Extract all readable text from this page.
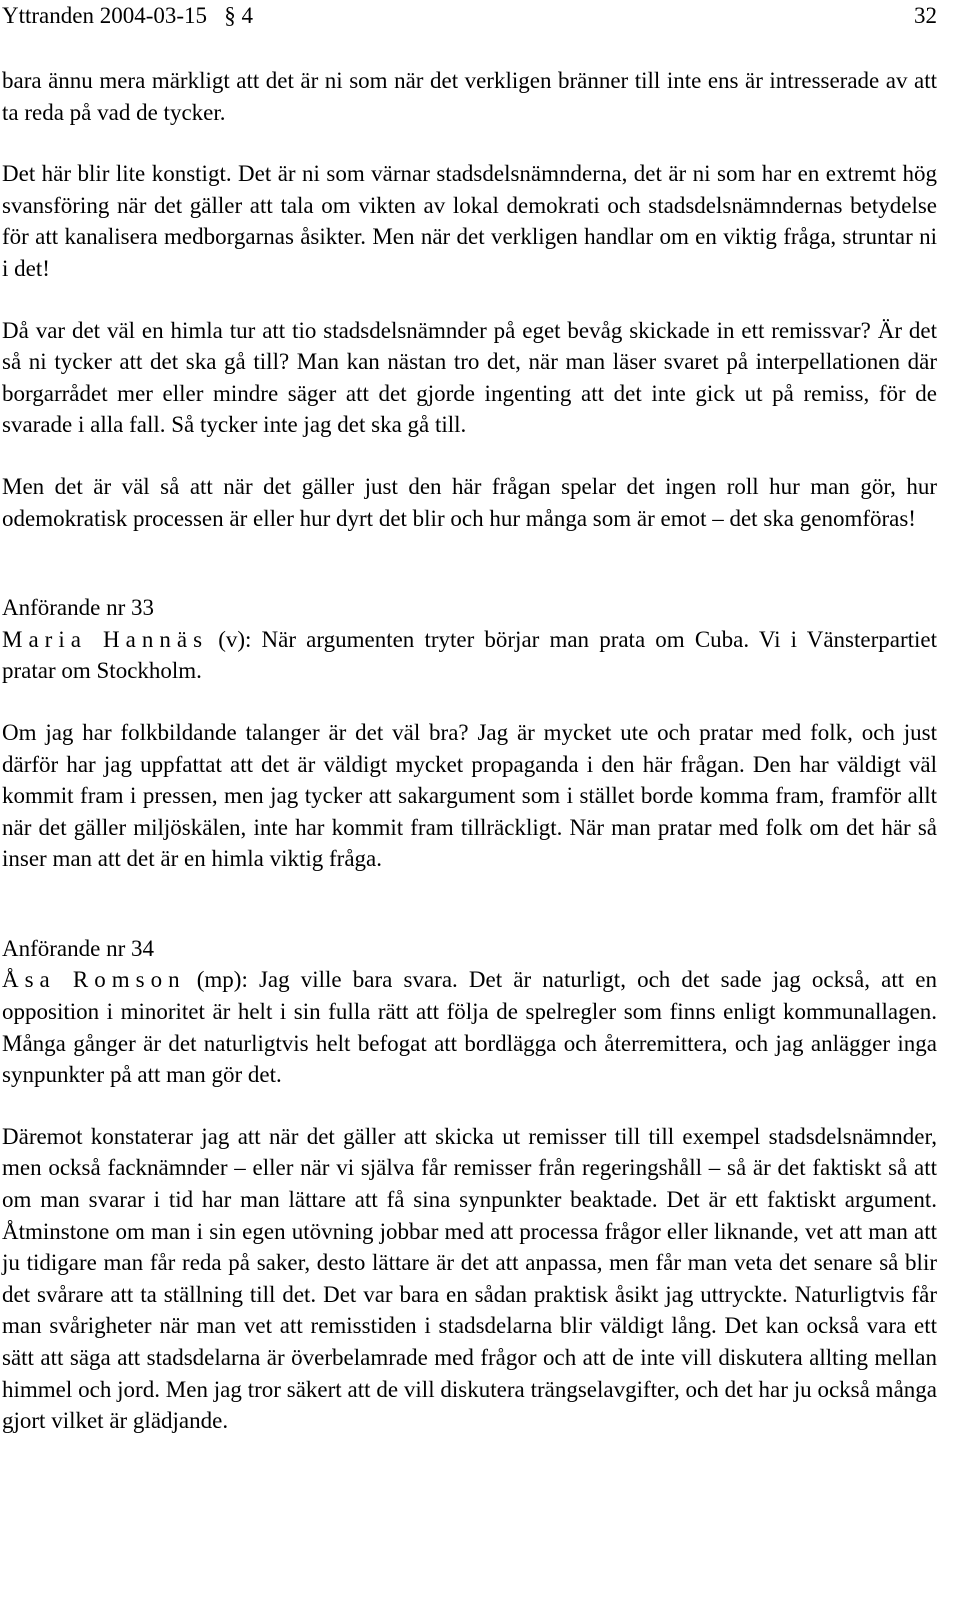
Yttranden 2004-03-15 § 4	32

bara ännu mera märkligt att det är ni som när det verkligen bränner till inte ens är intresserade av att ta reda på vad de tycker.

Det här blir lite konstigt. Det är ni som värnar stadsdelsnämnderna, det är ni som har en extremt hög svansföring när det gäller att tala om vikten av lokal demokrati och stadsdelsnämndernas betydelse för att kanalisera medborgarnas åsikter. Men när det verkligen handlar om en viktig fråga, struntar ni i det!

Då var det väl en himla tur att tio stadsdelsnämnder på eget bevåg skickade in ett remissvar? Är det så ni tycker att det ska gå till? Man kan nästan tro det, när man läser svaret på interpellationen där borgarrådet mer eller mindre säger att det gjorde ingenting att det inte gick ut på remiss, för de svarade i alla fall. Så tycker inte jag det ska gå till.

Men det är väl så att när det gäller just den här frågan spelar det ingen roll hur man gör, hur odemokratisk processen är eller hur dyrt det blir och hur många som är emot – det ska genomföras!

Anförande nr 33

Maria Hannäs (v): När argumenten tryter börjar man prata om Cuba. Vi i Vänsterpartiet pratar om Stockholm.

Om jag har folkbildande talanger är det väl bra? Jag är mycket ute och pratar med folk, och just därför har jag uppfattat att det är väldigt mycket propaganda i den här frågan. Den har väldigt väl kommit fram i pressen, men jag tycker att sakargument som i stället borde komma fram, framför allt när det gäller miljöskälen, inte har kommit fram tillräckligt. När man pratar med folk om det här så inser man att det är en himla viktig fråga.

Anförande nr 34

Åsa Romson (mp): Jag ville bara svara. Det är naturligt, och det sade jag också, att en opposition i minoritet är helt i sin fulla rätt att följa de spelregler som finns enligt kommunallagen. Många gånger är det naturligtvis helt befogat att bordlägga och återremittera, och jag anlägger inga synpunkter på att man gör det.

Däremot konstaterar jag att när det gäller att skicka ut remisser till till exempel stadsdelsnämnder, men också facknämnder – eller när vi själva får remisser från regeringshåll – så är det faktiskt så att om man svarar i tid har man lättare att få sina synpunkter beaktade. Det är ett faktiskt argument. Åtminstone om man i sin egen utövning jobbar med att processa frågor eller liknande, vet att man att ju tidigare man får reda på saker, desto lättare är det att anpassa, men får man veta det senare så blir det svårare att ta ställning till det. Det var bara en sådan praktisk åsikt jag uttryckte. Naturligtvis får man svårigheter när man vet att remisstiden i stadsdelarna blir väldigt lång. Det kan också vara ett sätt att säga att stadsdelarna är överbelamrade med frågor och att de inte vill diskutera allting mellan himmel och jord. Men jag tror säkert att de vill diskutera trängselavgifter, och det har ju också många gjort vilket är glädjande.
